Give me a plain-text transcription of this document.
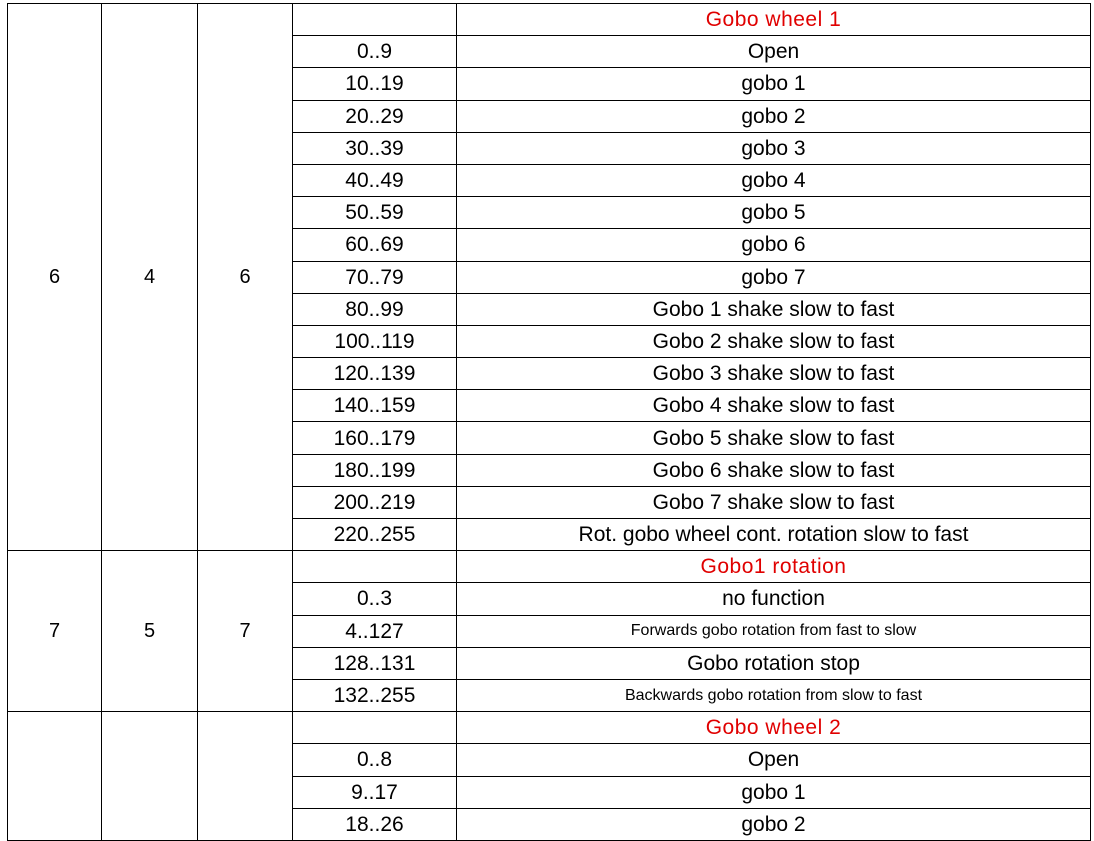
6	4	6		Gobo wheel 1
			0..9	Open
			10..19	gobo 1
			20..29	gobo 2
			30..39	gobo 3
			40..49	gobo 4
			50..59	gobo 5
			60..69	gobo 6
			70..79	gobo 7
			80..99	Gobo 1 shake slow to fast
			100..119	Gobo 2 shake slow to fast
			120..139	Gobo 3 shake slow to fast
			140..159	Gobo 4 shake slow to fast
			160..179	Gobo 5 shake slow to fast
			180..199	Gobo 6 shake slow to fast
			200..219	Gobo 7 shake slow to fast
			220..255	Rot. gobo wheel cont. rotation slow to fast
7	5	7		Gobo1 rotation
			0..3	no function
			4..127	Forwards gobo rotation from fast to slow
			128..131	Gobo rotation stop
			132..255	Backwards gobo rotation from slow to fast
				Gobo wheel 2
			0..8	Open
			9..17	gobo 1
			18..26	gobo 2
